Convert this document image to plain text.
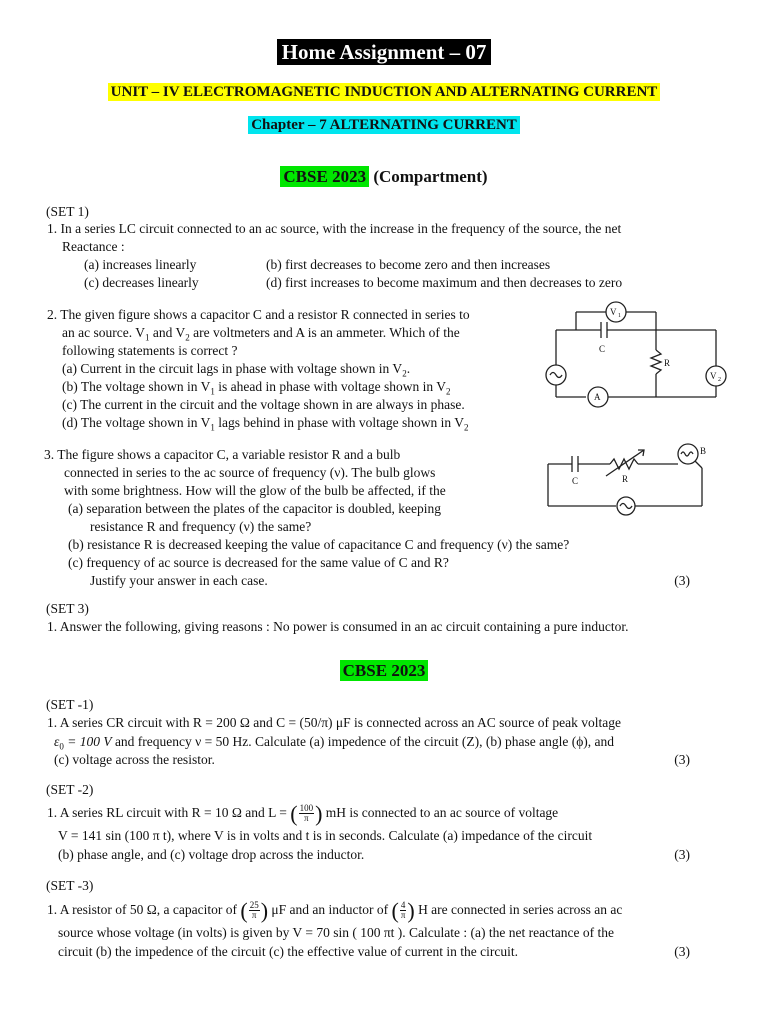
Home Assignment – 07
UNIT – IV ELECTROMAGNETIC INDUCTION AND ALTERNATING CURRENT
Chapter – 7 ALTERNATING CURRENT
CBSE 2023 (Compartment)
(SET 1)
1. In a series LC circuit connected to an ac source, with the increase in the frequency of the source, the net
Reactance :
(a) increases linearly	(b) first decreases to become zero and then increases
(c) decreases linearly	(d) first increases to become maximum and then decreases to zero
2. The given figure shows a capacitor C and a resistor R connected in series to
an ac source. $V_1$ and $V_2$ are voltmeters and A is an ammeter. Which of the
following statements is correct ?
(a) Current in the circuit lags in phase with voltage shown in $V_2$.
(b) The voltage shown in $V_1$ is ahead in phase with voltage shown in $V_2$
(c) The current in the circuit and the voltage shown in are always in phase.
(d) The voltage shown in $V_1$ lags behind in phase with voltage shown in $V_2$
V 1
V 2
C
R
A
3. The figure shows a capacitor C, a variable resistor R and a bulb
connected in series to the ac source of frequency (ν). The bulb glows
with some brightness. How will the glow of the bulb be affected, if the
(a) separation between the plates of the capacitor is doubled, keeping
resistance R and frequency (ν) the same?
(b) resistance R is decreased keeping the value of capacitance C and frequency (ν) the same?
(c) frequency of ac source is decreased for the same value of C and R?
Justify your answer in each case.	(3)
B
C	R
(SET 3)
1. Answer the following, giving reasons : No power is consumed in an ac circuit containing a pure inductor.
CBSE 2023
(SET -1)
1. A series CR circuit with R = 200 Ω and C = (50/π) μF is connected across an AC source of peak voltage
$\varepsilon_0 = 100$ V and frequency ν = 50 Hz. Calculate (a) impedence of the circuit (Z), (b) phase angle (ϕ), and
(c) voltage across the resistor.	(3)
(SET -2)
1. A series RL circuit with R = 10 Ω and L = ( $\frac{100}{\pi}$ ) mH is connected to an ac source of voltage
V = 141 sin (100 π t), where V is in volts and t is in seconds. Calculate (a) impedance of the circuit
(b) phase angle, and (c) voltage drop across the inductor.	(3)
(SET -3)
1. A resistor of 50 Ω, a capacitor of ( $\frac{25}{\pi}$ ) μF and an inductor of ( $\frac{4}{\pi}$ ) H are connected in series across an ac
source whose voltage (in volts) is given by V = 70 sin ( 100 πt ). Calculate : (a) the net reactance of the
circuit (b) the impedence of the circuit (c) the effective value of current in the circuit.	(3)
